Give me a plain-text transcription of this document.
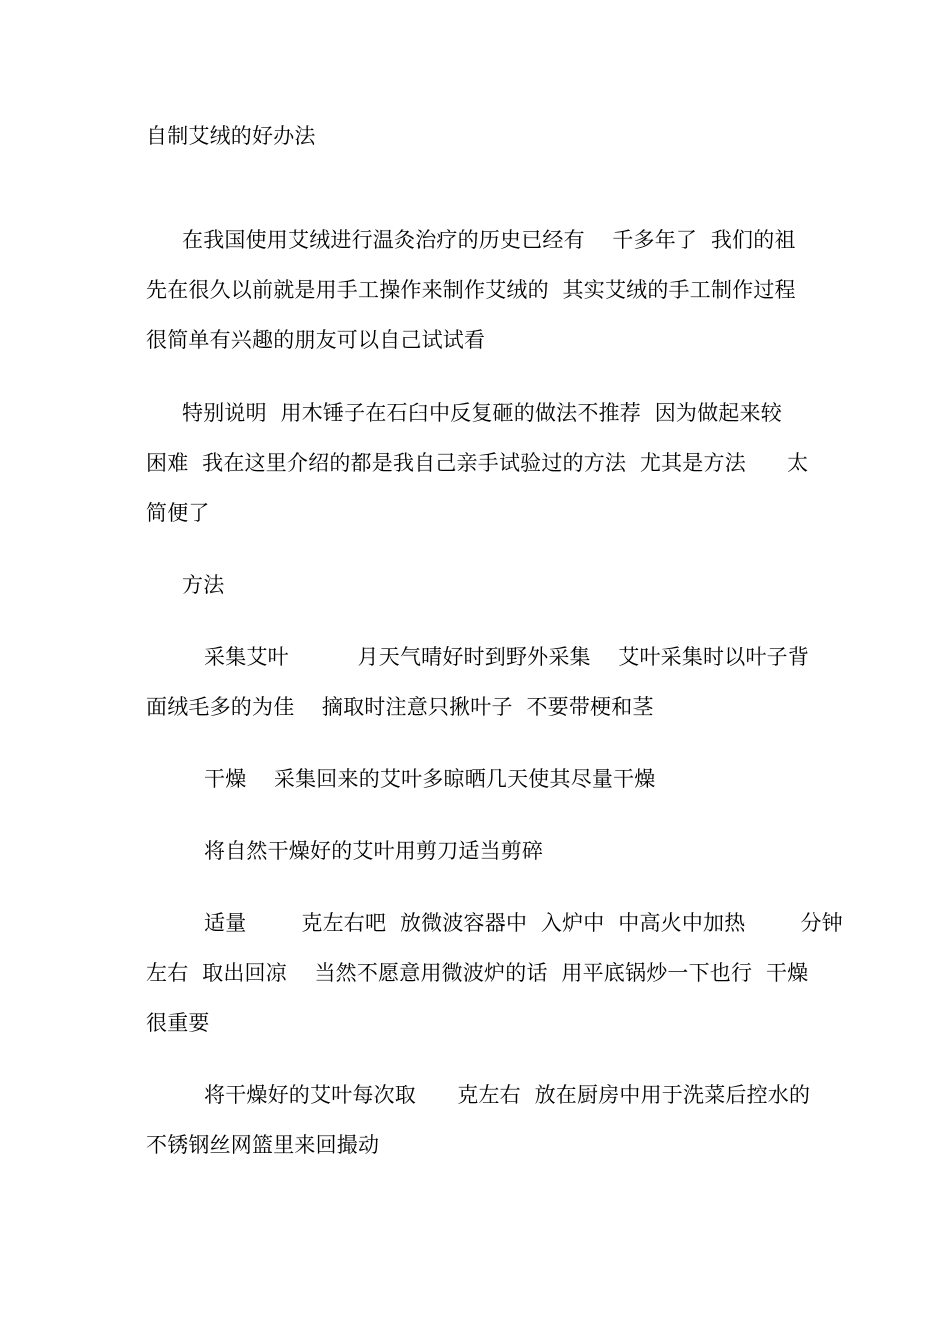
自制艾绒的好办法
在我国使用艾绒进行温灸治疗的历史已经有    千多年了  我们的祖
先在很久以前就是用手工操作来制作艾绒的  其实艾绒的手工制作过程
很简单有兴趣的朋友可以自己试试看
特别说明  用木锤子在石臼中反复砸的做法不推荐  因为做起来较
困难  我在这里介绍的都是我自己亲手试验过的方法  尤其是方法      太
简便了
方法
采集艾叶          月天气晴好时到野外采集    艾叶采集时以叶子背
面绒毛多的为佳    摘取时注意只揪叶子  不要带梗和茎
干燥    采集回来的艾叶多晾晒几天使其尽量干燥
将自然干燥好的艾叶用剪刀适当剪碎
适量        克左右吧  放微波容器中  入炉中  中高火中加热        分钟
左右  取出回凉    当然不愿意用微波炉的话  用平底锅炒一下也行  干燥
很重要
将干燥好的艾叶每次取      克左右  放在厨房中用于洗菜后控水的
不锈钢丝网篮里来回撮动
